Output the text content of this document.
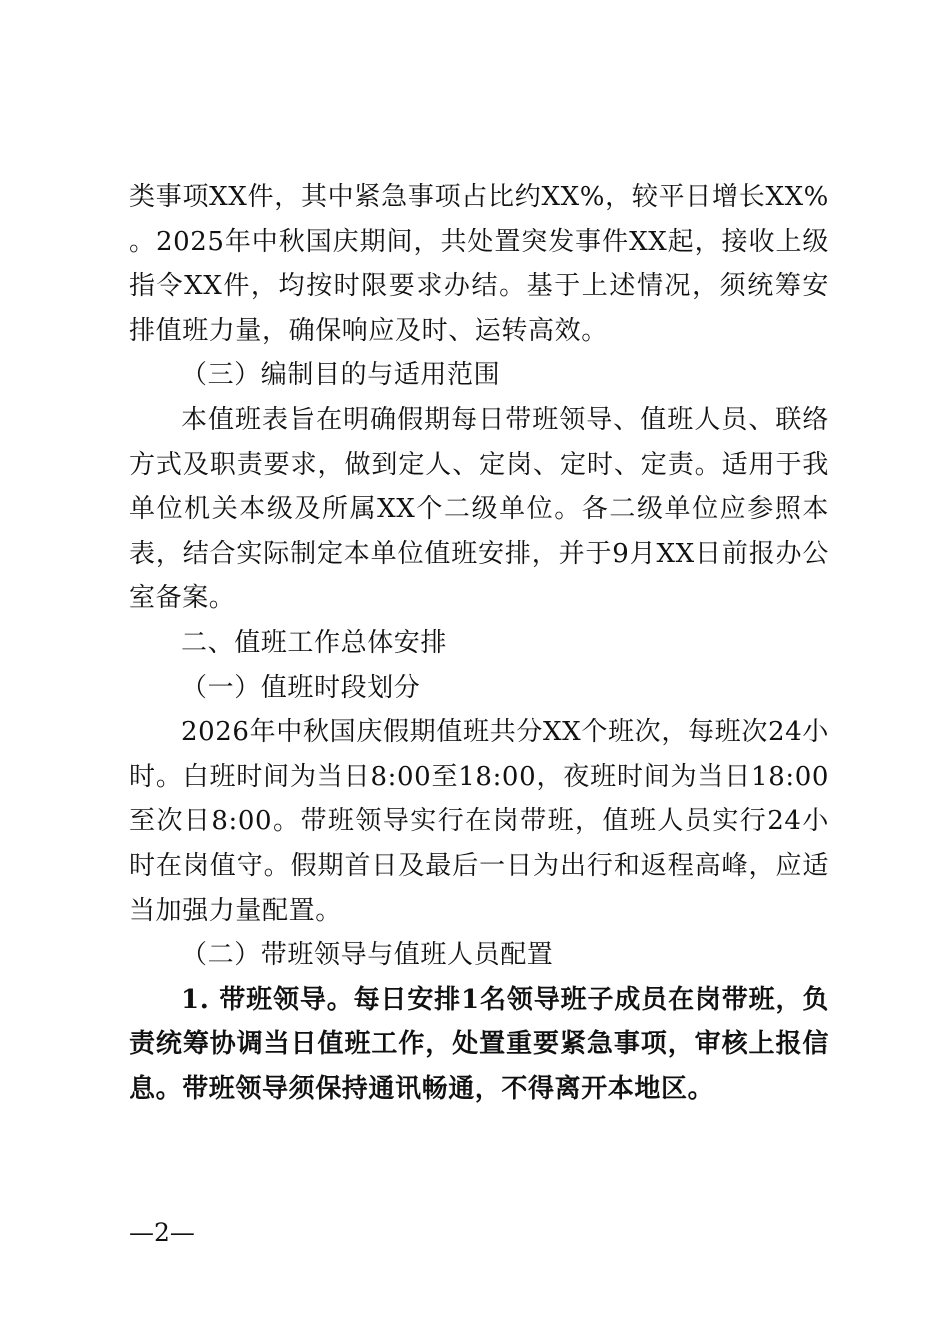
类事项XX件，其中紧急事项占比约XX%，较平日增长XX%。2025年中秋国庆期间，共处置突发事件XX起，接收上级指令XX件，均按时限要求办结。基于上述情况，须统筹安排值班力量，确保响应及时、运转高效。

（三）编制目的与适用范围

本值班表旨在明确假期每日带班领导、值班人员、联络方式及职责要求，做到定人、定岗、定时、定责。适用于我单位机关本级及所属XX个二级单位。各二级单位应参照本表，结合实际制定本单位值班安排，并于9月XX日前报办公室备案。

二、值班工作总体安排

（一）值班时段划分

2026年中秋国庆假期值班共分XX个班次，每班次24小时。白班时间为当日8:00至18:00，夜班时间为当日18:00至次日8:00。带班领导实行在岗带班，值班人员实行24小时在岗值守。假期首日及最后一日为出行和返程高峰，应适当加强力量配置。

（二）带班领导与值班人员配置

1. 带班领导。每日安排1名领导班子成员在岗带班，负责统筹协调当日值班工作，处置重要紧急事项，审核上报信息。带班领导须保持通讯畅通，不得离开本地区。

—2—
